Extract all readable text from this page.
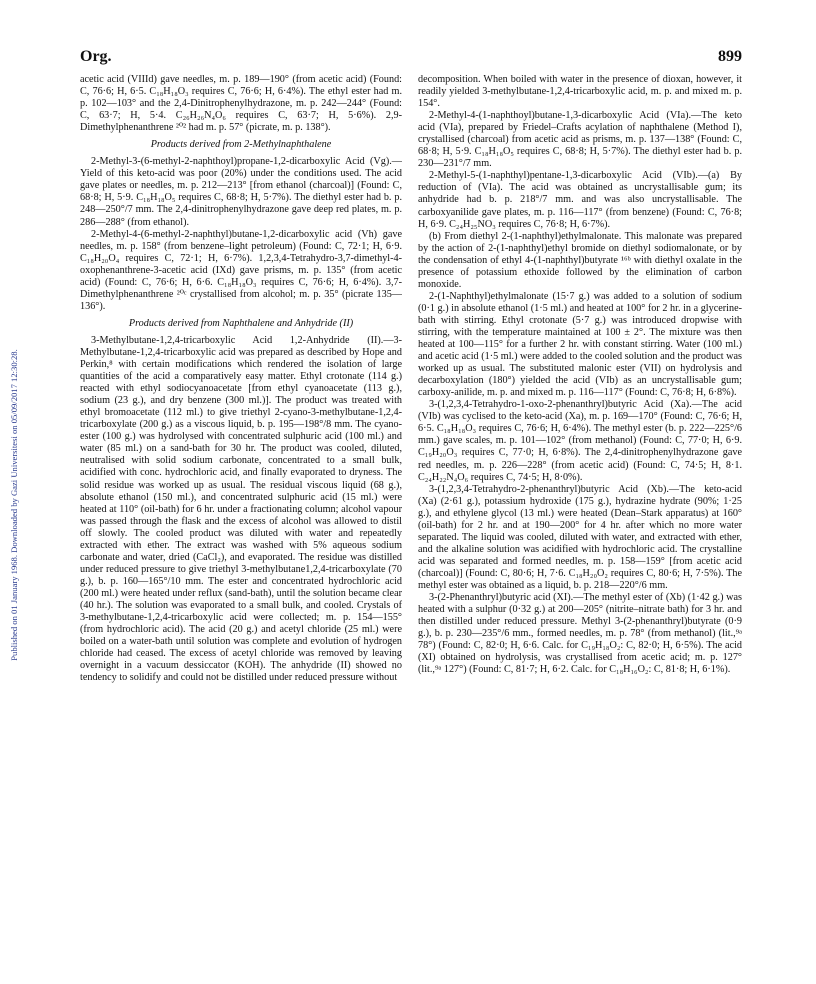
Published on 01 January 1968. Downloaded by Gazi Universitesi on 05/09/2017 12:30:28.
Org.	899

acetic acid (VIIId) gave needles, m. p. 189—190° (from acetic acid) (Found: C, 76·6; H, 6·5. C₁₈H₁₈O₃ requires C, 76·6; H, 6·4%). The ethyl ester had m. p. 102—103° and the 2,4-Dinitrophenylhydrazone, m. p. 242—244° (Found: C, 63·7; H, 5·4. C₂₆H₂₆N₄O₆ requires C, 63·7; H, 5·6%). 2,9-Dimethylphenanthrene ²⁰² had m. p. 57° (picrate, m. p. 138°).

Products derived from 2-Methylnaphthalene

2-Methyl-3-(6-methyl-2-naphthoyl)propane-1,2-dicarboxylic Acid (Vg).—Yield of this keto-acid was poor (20%) under the conditions used. The acid gave plates or needles, m. p. 212—213° [from ethanol (charcoal)] (Found: C, 68·8; H, 5·9. C₁₈H₁₈O₅ requires C, 68·8; H, 5·7%). The diethyl ester had b. p. 248—250°/7 mm. The 2,4-dinitrophenylhydrazone gave deep red plates, m. p. 286—288° (from ethanol).

2-Methyl-4-(6-methyl-2-naphthyl)butane-1,2-dicarboxylic acid (Vh) gave needles, m. p. 158° (from benzene–light petroleum) (Found: C, 72·1; H, 6·9. C₁₈H₂₀O₄ requires C, 72·1; H, 6·7%). 1,2,3,4-Tetrahydro-3,7-dimethyl-4-oxophenanthrene-3-acetic acid (IXd) gave prisms, m. p. 135° (from acetic acid) (Found: C, 76·6; H, 6·6. C₁₈H₁₈O₃ requires C, 76·6; H, 6·4%). 3,7-Dimethylphenanthrene ²⁰ᶜ crystallised from alcohol; m. p. 35° (picrate 135—136°).

Products derived from Naphthalene and Anhydride (II)

3-Methylbutane-1,2,4-tricarboxylic Acid 1,2-Anhydride (II).—3-Methylbutane-1,2,4-tricarboxylic acid was prepared as described by Hope and Perkin,⁸ with certain modifications which rendered the isolation of large quantities of the acid a comparatively easy matter. Ethyl crotonate (114 g.) reacted with ethyl sodiocyanoacetate [from ethyl cyanoacetate (113 g.), sodium (23 g.), and dry benzene (300 ml.)]. The product was treated with ethyl bromoacetate (112 ml.) to give triethyl 2-cyano-3-methylbutane-1,2,4-tricarboxylate (200 g.) as a viscous liquid, b. p. 195—198°/8 mm. The cyano-ester (100 g.) was hydrolysed with concentrated sulphuric acid (100 ml.) and water (85 ml.) on a sand-bath for 30 hr. The product was cooled, diluted, neutralised with solid sodium carbonate, concentrated to a small bulk, acidified with conc. hydrochloric acid, and finally evaporated to dryness. The solid residue was worked up as usual. The residual viscous liquid (68 g.), absolute ethanol (150 ml.), and concentrated sulphuric acid (15 ml.) were heated at 110° (oil-bath) for 6 hr. under a fractionating column; alcohol vapour was passed through the flask and the excess of alcohol was allowed to distil off slowly. The cooled product was diluted with water and repeatedly extracted with ether. The extract was washed with 5% aqueous sodium carbonate and water, dried (CaCl₂), and evaporated. The residue was distilled under reduced pressure to give triethyl 3-methylbutane1,2,4-tricarboxylate (70 g.), b. p. 160—165°/10 mm. The ester and concentrated hydrochloric acid (200 ml.) were heated under reflux (sand-bath), until the solution became clear (40 hr.). The solution was evaporated to a small bulk, and cooled. Crystals of 3-methylbutane-1,2,4-tricarboxylic acid were collected; m. p. 154—155° (from hydrochloric acid). The acid (20 g.) and acetyl chloride (25 ml.) were boiled on a water-bath until solution was complete and evolution of hydrogen chloride had ceased. The excess of acetyl chloride was removed by leaving overnight in a vacuum dessiccator (KOH). The anhydride (II) showed no tendency to solidify and could not be distilled under reduced pressure without

decomposition. When boiled with water in the presence of dioxan, however, it readily yielded 3-methylbutane-1,2,4-tricarboxylic acid, m. p. and mixed m. p. 154°.

2-Methyl-4-(1-naphthoyl)butane-1,3-dicarboxylic Acid (VIa).—The keto acid (VIa), prepared by Friedel–Crafts acylation of naphthalene (Method I), crystallised (charcoal) from acetic acid as prisms, m. p. 137—138° (Found: C, 68·8; H, 5·9. C₁₈H₁₈O₅ requires C, 68·8; H, 5·7%). The diethyl ester had b. p. 230—231°/7 mm.

2-Methyl-5-(1-naphthyl)pentane-1,3-dicarboxylic Acid (VIb).—(a) By reduction of (VIa). The acid was obtained as uncrystallisable gum; its anhydride had b. p. 218°/7 mm. and was also uncrystallisable. The carboxyanilide gave plates, m. p. 116—117° (from benzene) (Found: C, 76·8; H, 6·9. C₂₄H₂₅NO₃ requires C, 76·8; H, 6·7%).

(b) From diethyl 2-(1-naphthyl)ethylmalonate. This malonate was prepared by the action of 2-(1-naphthyl)ethyl bromide on diethyl sodiomalonate, or by the condensation of ethyl 4-(1-naphthyl)butyrate ¹⁶ᵇ with diethyl oxalate in the presence of potassium ethoxide followed by the elimination of carbon monoxide.

2-(1-Naphthyl)ethylmalonate (15·7 g.) was added to a solution of sodium (0·1 g.) in absolute ethanol (1·5 ml.) and heated at 100° for 2 hr. in a glycerine-bath with stirring. Ethyl crotonate (5·7 g.) was introduced dropwise with stirring, with the temperature maintained at 100 ± 2°. The mixture was then heated at 100—115° for a further 2 hr. with constant stirring. Water (100 ml.) and acetic acid (1·5 ml.) were added to the cooled solution and the product was worked up as usual. The substituted malonic ester (VII) on hydrolysis and decarboxylation (180°) yielded the acid (VIb) as an uncrystallisable gum; carboxy-anilide, m. p. and mixed m. p. 116—117° (Found: C, 76·8; H, 6·8%).

3-(1,2,3,4-Tetrahydro-1-oxo-2-phenanthryl)butyric Acid (Xa).—The acid (VIb) was cyclised to the keto-acid (Xa), m. p. 169—170° (Found: C, 76·6; H, 6·5. C₁₈H₁₈O₃ requires C, 76·6; H, 6·4%). The methyl ester (b. p. 222—225°/6 mm.) gave scales, m. p. 101—102° (from methanol) (Found: C, 77·0; H, 6·9. C₁₉H₂₀O₃ requires C, 77·0; H, 6·8%). The 2,4-dinitrophenylhydrazone gave red needles, m. p. 226—228° (from acetic acid) (Found: C, 74·5; H, 8·1. C₂₄H₂₂N₄O₆ requires C, 74·5; H, 8·0%).

3-(1,2,3,4-Tetrahydro-2-phenanthryl)butyric Acid (Xb).—The keto-acid (Xa) (2·61 g.), potassium hydroxide (175 g.), hydrazine hydrate (90%; 1·25 g.), and ethylene glycol (13 ml.) were heated (Dean–Stark apparatus) at 160° (oil-bath) for 2 hr. and at 190—200° for 4 hr. after which no more water separated. The liquid was cooled, diluted with water, and extracted with ether, and the alkaline solution was acidified with hydrochloric acid. The crystalline acid was separated and formed needles, m. p. 158—159° [from acetic acid (charcoal)] (Found: C, 80·6; H, 7·6. C₁₈H₂₀O₂ requires C, 80·6; H, 7·5%). The methyl ester was obtained as a liquid, b. p. 218—220°/6 mm.

3-(2-Phenanthryl)butyric acid (XI).—The methyl ester of (Xb) (1·42 g.) was heated with a sulphur (0·32 g.) at 200—205° (nitrite–nitrate bath) for 3 hr. and then distilled under reduced pressure. Methyl 3-(2-phenanthryl)butyrate (0·9 g.), b. p. 230—235°/6 mm., formed needles, m. p. 78° (from methanol) (lit.,⁹ᵃ 78°) (Found: C, 82·0; H, 6·6. Calc. for C₁₉H₁₈O₂: C, 82·0; H, 6·5%). The acid (XI) obtained on hydrolysis, was crystallised from acetic acid; m. p. 127° (lit.,⁹ᵃ 127°) (Found: C, 81·7; H, 6·2. Calc. for C₁₈H₁₆O₂: C, 81·8; H, 6·1%).
